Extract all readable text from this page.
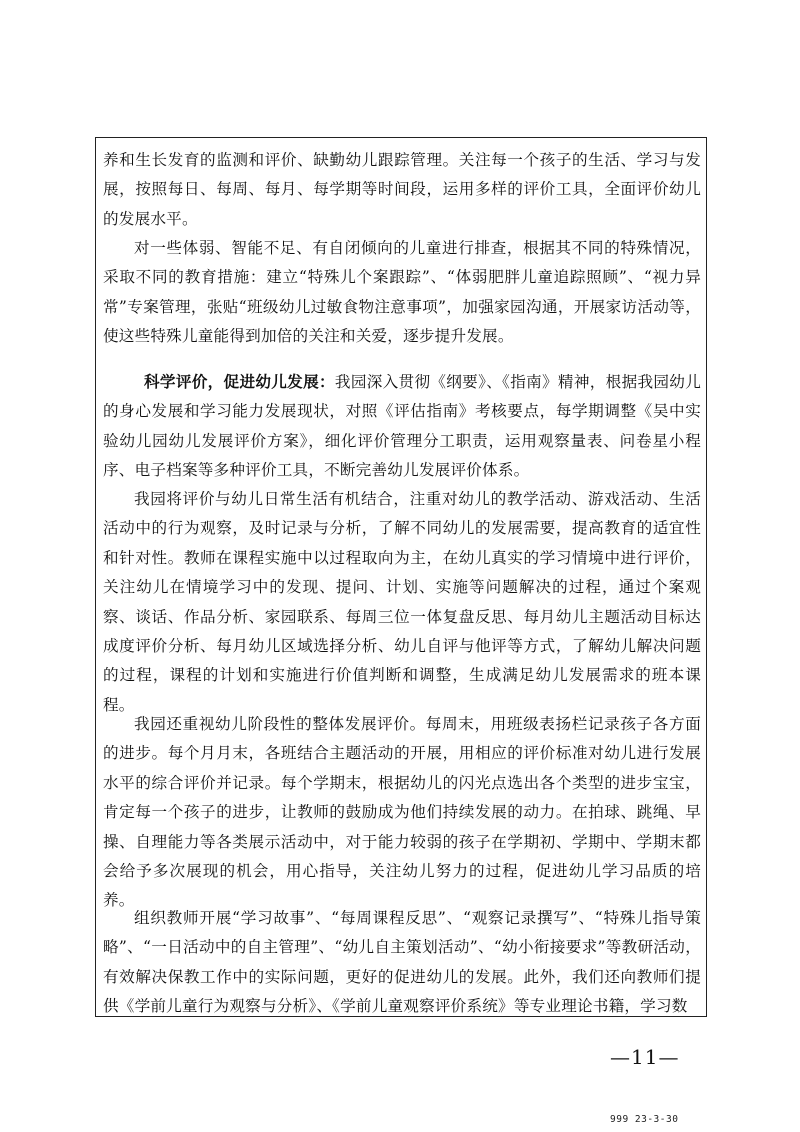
养和生长发育的监测和评价、缺勤幼儿跟踪管理。关注每一个孩子的生活、学习与发展，按照每日、每周、每月、每学期等时间段，运用多样的评价工具，全面评价幼儿的发展水平。

对一些体弱、智能不足、有自闭倾向的儿童进行排查，根据其不同的特殊情况，采取不同的教育措施：建立“特殊儿个案跟踪”、“体弱肥胖儿童追踪照顾”、“视力异常”专案管理，张贴“班级幼儿过敏食物注意事项”，加强家园沟通，开展家访活动等，使这些特殊儿童能得到加倍的关注和关爱，逐步提升发展。

科学评价，促进幼儿发展：我园深入贯彻《纲要》、《指南》精神，根据我园幼儿的身心发展和学习能力发展现状，对照《评估指南》考核要点，每学期调整《吴中实验幼儿园幼儿发展评价方案》，细化评价管理分工职责，运用观察量表、问卷星小程序、电子档案等多种评价工具，不断完善幼儿发展评价体系。

我园将评价与幼儿日常生活有机结合，注重对幼儿的教学活动、游戏活动、生活活动中的行为观察，及时记录与分析，了解不同幼儿的发展需要，提高教育的适宜性和针对性。教师在课程实施中以过程取向为主，在幼儿真实的学习情境中进行评价，关注幼儿在情境学习中的发现、提问、计划、实施等问题解决的过程，通过个案观察、谈话、作品分析、家园联系、每周三位一体复盘反思、每月幼儿主题活动目标达成度评价分析、每月幼儿区域选择分析、幼儿自评与他评等方式，了解幼儿解决问题的过程，课程的计划和实施进行价值判断和调整，生成满足幼儿发展需求的班本课程。

我园还重视幼儿阶段性的整体发展评价。每周末，用班级表扬栏记录孩子各方面的进步。每个月月末，各班结合主题活动的开展，用相应的评价标准对幼儿进行发展水平的综合评价并记录。每个学期末，根据幼儿的闪光点选出各个类型的进步宝宝，肯定每一个孩子的进步，让教师的鼓励成为他们持续发展的动力。在拍球、跳绳、早操、自理能力等各类展示活动中，对于能力较弱的孩子在学期初、学期中、学期末都会给予多次展现的机会，用心指导，关注幼儿努力的过程，促进幼儿学习品质的培养。

组织教师开展“学习故事”、“每周课程反思”、“观察记录撰写”、“特殊儿指导策略”、“一日活动中的自主管理”、“幼儿自主策划活动”、“幼小衔接要求”等教研活动，有效解决保教工作中的实际问题，更好的促进幼儿的发展。此外，我们还向教师们提供《学前儿童行为观察与分析》、《学前儿童观察评价系统》等专业理论书籍，学习数

—11—
999 23-3-30
